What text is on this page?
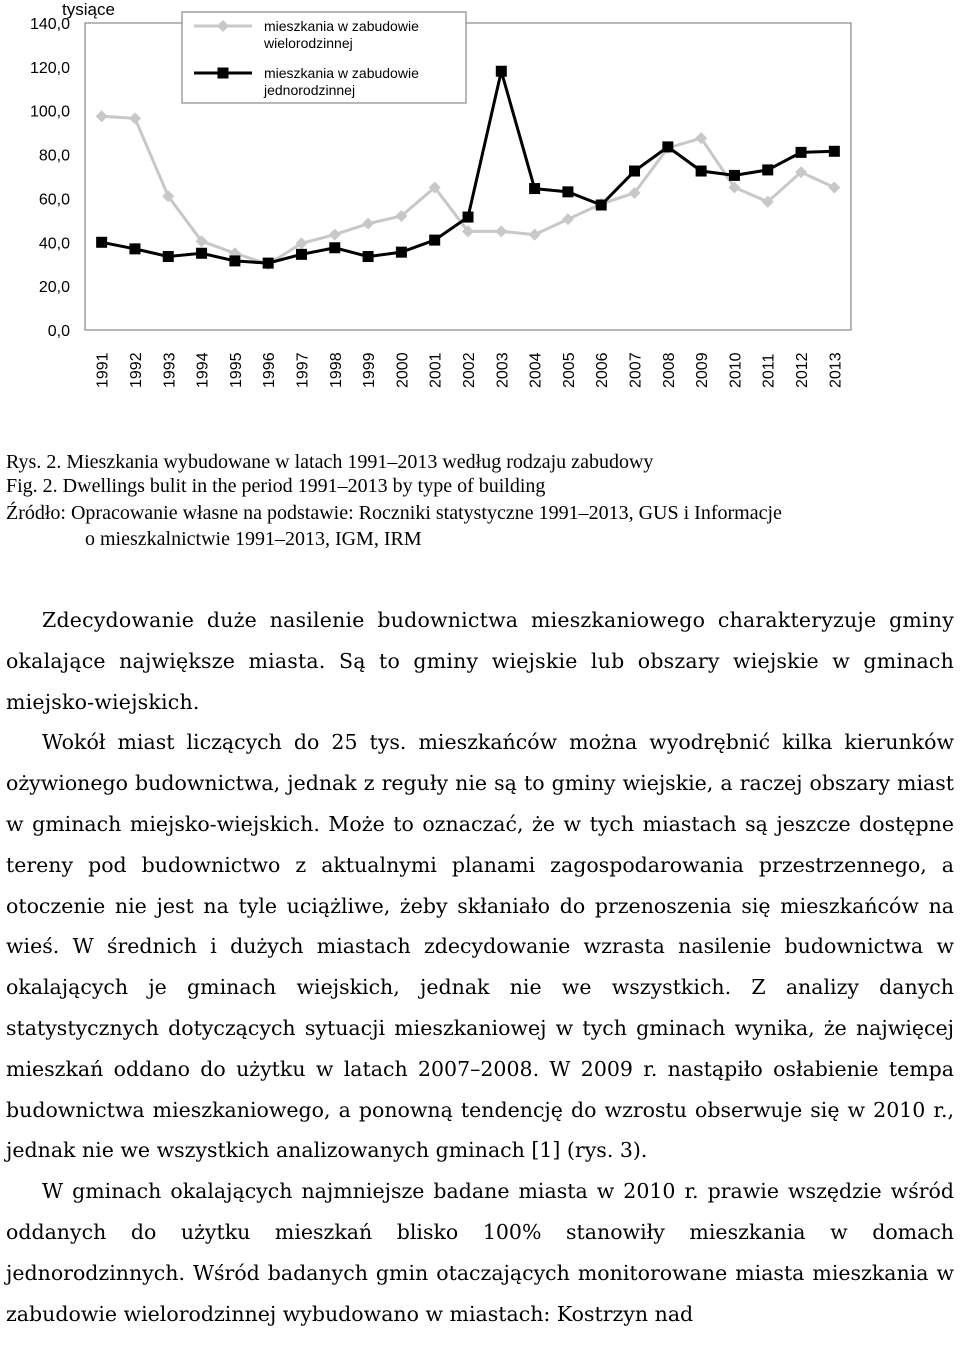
0,0
20,0
40,0
60,0
80,0
100,0
120,0
140,0
tysiące
1991 1992 1993 1994 1995 1996 1997 1998 1999 2000 2001 2002 2003 2004 2005 2006 2007 2008 2009 2010 2011 2012 2013
mieszkania w zabudowie
wielorodzinnej
mieszkania w zabudowie
jednorodzinnej
Rys. 2. Mieszkania wybudowane w latach 1991–2013 według rodzaju zabudowy
Fig. 2. Dwellings bulit in the period 1991–2013 by type of building
Źródło: Opracowanie własne na podstawie: Roczniki statystyczne 1991–2013, GUS i Informacje
o mieszkalnictwie 1991–2013, IGM, IRM

Zdecydowanie duże nasilenie budownictwa mieszkaniowego charakteryzuje gminy okalające największe miasta. Są to gminy wiejskie lub obszary wiejskie w gminach miejsko-wiejskich.

Wokół miast liczących do 25 tys. mieszkańców można wyodrębnić kilka kierunków ożywionego budownictwa, jednak z reguły nie są to gminy wiejskie, a raczej obszary miast w gminach miejsko-wiejskich. Może to oznaczać, że w tych miastach są jeszcze dostępne tereny pod budownictwo z aktualnymi planami zagospodarowania przestrzennego, a otoczenie nie jest na tyle uciążliwe, żeby skłaniało do przenoszenia się mieszkańców na wieś. W średnich i dużych miastach zdecydowanie wzrasta nasilenie budownictwa w okalających je gminach wiejskich, jednak nie we wszystkich. Z analizy danych statystycznych dotyczących sytuacji mieszkaniowej w tych gminach wynika, że najwięcej mieszkań oddano do użytku w latach 2007–2008. W 2009 r. nastąpiło osłabienie tempa budownictwa mieszkaniowego, a ponowną tendencję do wzrostu obserwuje się w 2010 r., jednak nie we wszystkich analizowanych gminach [1] (rys. 3).

W gminach okalających najmniejsze badane miasta w 2010 r. prawie wszędzie wśród oddanych do użytku mieszkań blisko 100% stanowiły mieszkania w domach jednorodzinnych. Wśród badanych gmin otaczających monitorowane miasta mieszkania w zabudowie wielorodzinnej wybudowano w miastach: Kostrzyn nad
